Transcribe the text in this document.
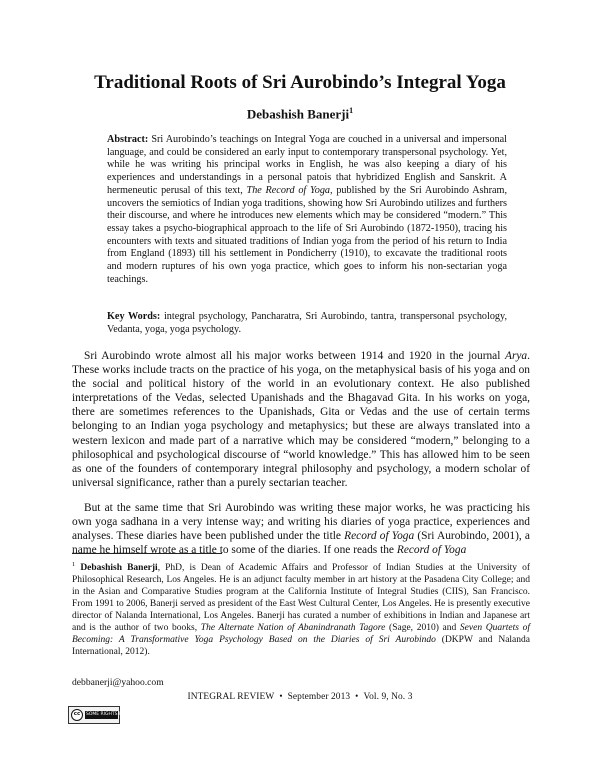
Traditional Roots of Sri Aurobindo’s Integral Yoga
Debashish Banerji$^1$

Abstract: Sri Aurobindo’s teachings on Integral Yoga are couched in a universal and impersonal language, and could be considered an early input to contemporary transpersonal psychology. Yet, while he was writing his principal works in English, he was also keeping a diary of his experiences and understandings in a personal patois that hybridized English and Sanskrit. A hermeneutic perusal of this text, The Record of Yoga, published by the Sri Aurobindo Ashram, uncovers the semiotics of Indian yoga traditions, showing how Sri Aurobindo utilizes and furthers their discourse, and where he introduces new elements which may be considered “modern.” This essay takes a psycho-biographical approach to the life of Sri Aurobindo (1872-1950), tracing his encounters with texts and situated traditions of Indian yoga from the period of his return to India from England (1893) till his settlement in Pondicherry (1910), to excavate the traditional roots and modern ruptures of his own yoga practice, which goes to inform his non-sectarian yoga teachings.

Key Words: integral psychology, Pancharatra, Sri Aurobindo, tantra, transpersonal psychology, Vedanta, yoga, yoga psychology.

Sri Aurobindo wrote almost all his major works between 1914 and 1920 in the journal Arya. These works include tracts on the practice of his yoga, on the metaphysical basis of his yoga and on the social and political history of the world in an evolutionary context. He also published interpretations of the Vedas, selected Upanishads and the Bhagavad Gita. In his works on yoga, there are sometimes references to the Upanishads, Gita or Vedas and the use of certain terms belonging to an Indian yoga psychology and metaphysics; but these are always translated into a western lexicon and made part of a narrative which may be considered “modern,” belonging to a philosophical and psychological discourse of “world knowledge.” This has allowed him to be seen as one of the founders of contemporary integral philosophy and psychology, a modern scholar of universal significance, rather than a purely sectarian teacher.

But at the same time that Sri Aurobindo was writing these major works, he was practicing his own yoga sadhana in a very intense way; and writing his diaries of yoga practice, experiences and analyses. These diaries have been published under the title Record of Yoga (Sri Aurobindo, 2001), a name he himself wrote as a title to some of the diaries. If one reads the Record of Yoga

$^1$ Debashish Banerji, PhD, is Dean of Academic Affairs and Professor of Indian Studies at the University of Philosophical Research, Los Angeles. He is an adjunct faculty member in art history at the Pasadena City College; and in the Asian and Comparative Studies program at the California Institute of Integral Studies (CIIS), San Francisco. From 1991 to 2006, Banerji served as president of the East West Cultural Center, Los Angeles. He is presently executive director of Nalanda International, Los Angeles. Banerji has curated a number of exhibitions in Indian and Japanese art and is the author of two books, The Alternate Nation of Abanindranath Tagore (Sage, 2010) and Seven Quartets of Becoming: A Transformative Yoga Psychology Based on the Diaries of Sri Aurobindo (DKPW and Nalanda International, 2012).

debbanerji@yahoo.com
INTEGRAL REVIEW • September 2013 • Vol. 9, No. 3
cc	SOME RIGHTS RESERVED
